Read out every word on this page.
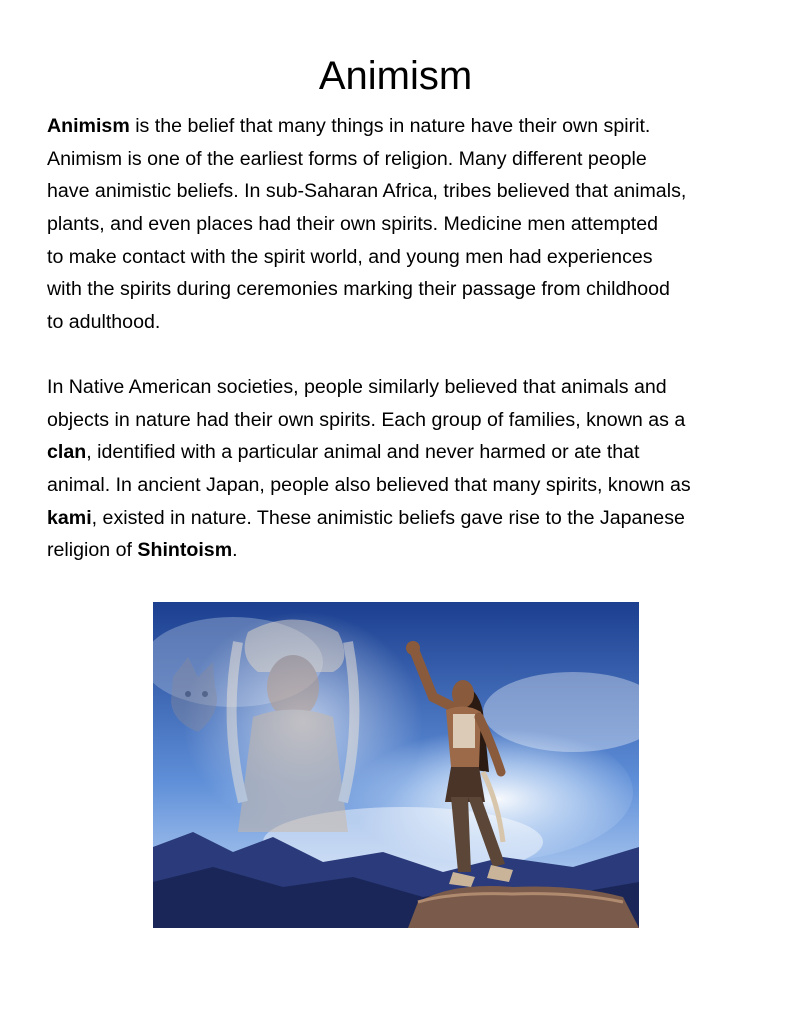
Animism
Animism is the belief that many things in nature have their own spirit.
Animism is one of the earliest forms of religion. Many different people
have animistic beliefs. In sub-Saharan Africa, tribes believed that animals,
plants, and even places had their own spirits. Medicine men attempted
to make contact with the spirit world, and young men had experiences
with the spirits during ceremonies marking their passage from childhood
to adulthood.
In Native American societies, people similarly believed that animals and
objects in nature had their own spirits. Each group of families, known as a
clan, identified with a particular animal and never harmed or ate that
animal. In ancient Japan, people also believed that many spirits, known as
kami, existed in nature. These animistic beliefs gave rise to the Japanese
religion of Shintoism.
